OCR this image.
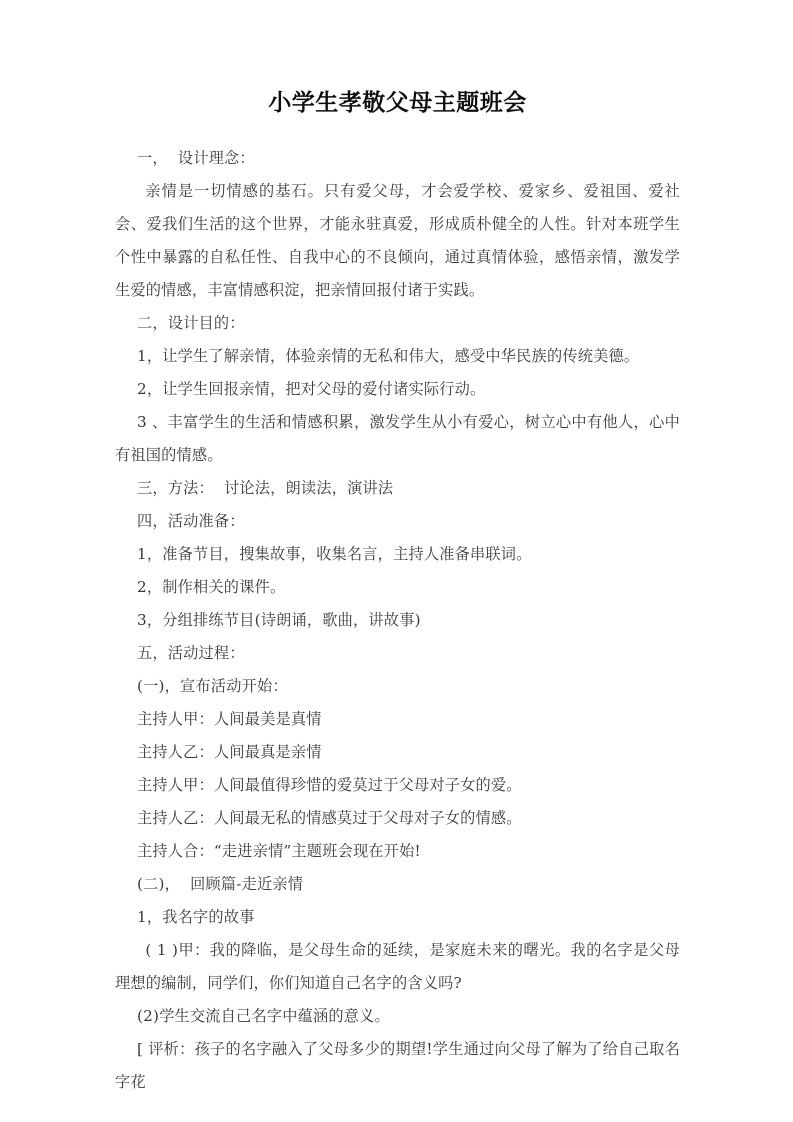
小学生孝敬父母主题班会

一，  设计理念：

亲情是一切情感的基石。只有爱父母，才会爱学校、爱家乡、爱祖国、爱社会、爱我们生活的这个世界，才能永驻真爱，形成质朴健全的人性。针对本班学生个性中暴露的自私任性、自我中心的不良倾向，通过真情体验，感悟亲情，激发学生爱的情感，丰富情感积淀，把亲情回报付诸于实践。

二，设计目的：

1，让学生了解亲情，体验亲情的无私和伟大，感受中华民族的传统美德。

2，让学生回报亲情，把对父母的爱付诸实际行动。

3 、丰富学生的生活和情感积累，激发学生从小有爱心，树立心中有他人，心中有祖国的情感。

三，方法：  讨论法，朗读法，演讲法

四，活动准备：

1，准备节目，搜集故事，收集名言，主持人准备串联词。

2，制作相关的课件。

3，分组排练节目(诗朗诵，歌曲，讲故事)

五，活动过程：

(一)，宣布活动开始：

主持人甲：人间最美是真情

主持人乙：人间最真是亲情

主持人甲：人间最值得珍惜的爱莫过于父母对子女的爱。

主持人乙：人间最无私的情感莫过于父母对子女的情感。

主持人合：“走进亲情”主题班会现在开始!

(二)，  回顾篇-走近亲情

1，我名字的故事

( 1 )甲：我的降临，是父母生命的延续，是家庭未来的曙光。我的名字是父母理想的编制，同学们，你们知道自己名字的含义吗?

(2)学生交流自己名字中蕴涵的意义。

[ 评析：孩子的名字融入了父母多少的期望!学生通过向父母了解为了给自己取名字花
